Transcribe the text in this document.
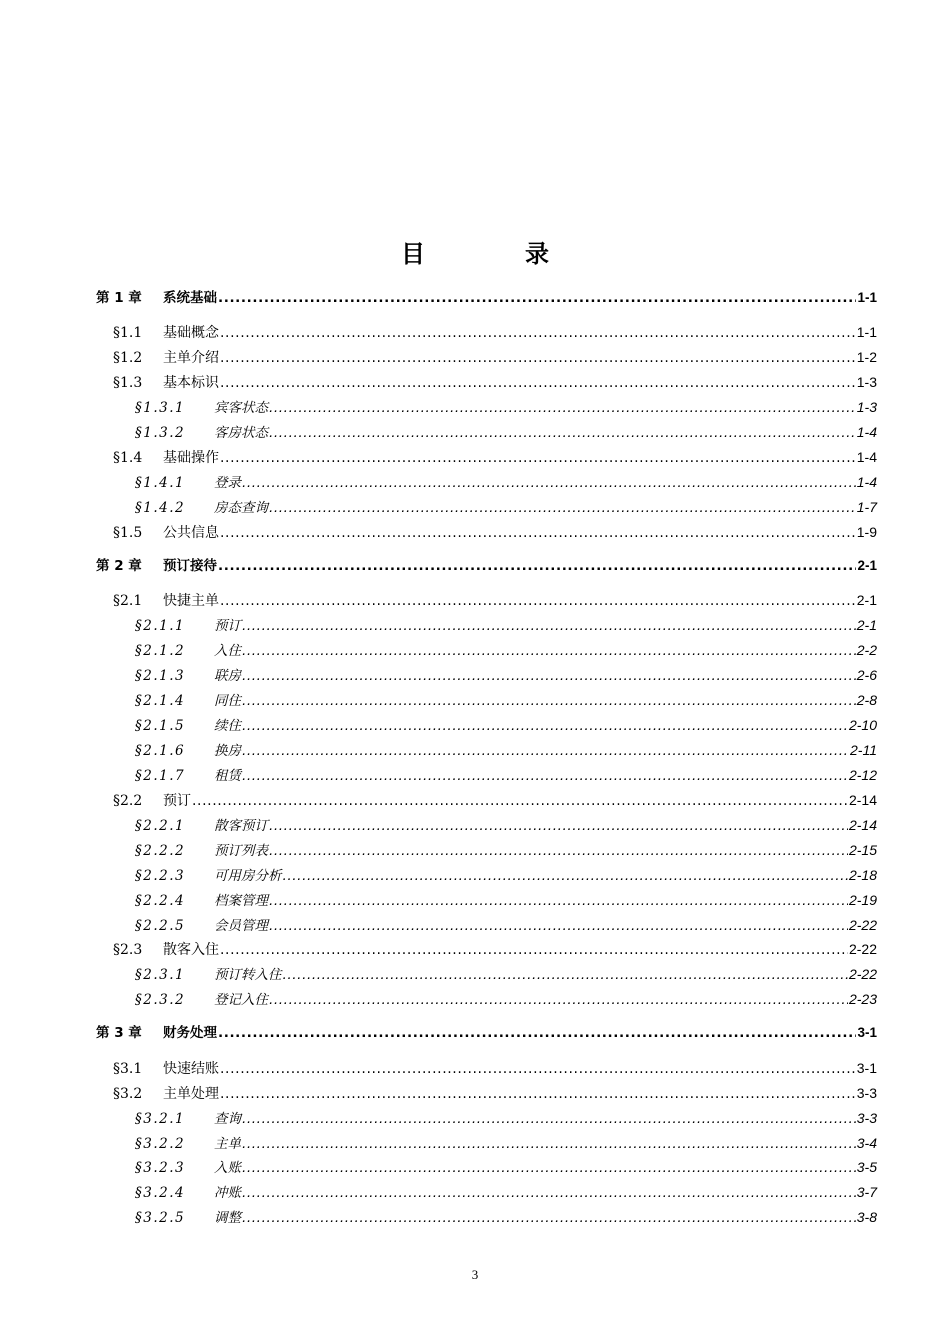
目　录
第 1 章	系统基础 .....	1-1
§1.1	基础概念 .....	1-1
§1.2	主单介绍 .....	1-2
§1.3	基本标识 .....	1-3
§1.3.1	宾客状态 .....	1-3
§1.3.2	客房状态 .....	1-4
§1.4	基础操作 .....	1-4
§1.4.1	登录 .....	1-4
§1.4.2	房态查询 .....	1-7
§1.5	公共信息 .....	1-9
第 2 章	预订接待 .....	2-1
§2.1	快捷主单 .....	2-1
§2.1.1	预订 .....	2-1
§2.1.2	入住 .....	2-2
§2.1.3	联房 .....	2-6
§2.1.4	同住 .....	2-8
§2.1.5	续住 .....	2-10
§2.1.6	换房 .....	2-11
§2.1.7	租赁 .....	2-12
§2.2	预订 .....	2-14
§2.2.1	散客预订 .....	2-14
§2.2.2	预订列表 .....	2-15
§2.2.3	可用房分析 .....	2-18
§2.2.4	档案管理 .....	2-19
§2.2.5	会员管理 .....	2-22
§2.3	散客入住 .....	2-22
§2.3.1	预订转入住 .....	2-22
§2.3.2	登记入住 .....	2-23
第 3 章	财务处理 .....	3-1
§3.1	快速结账 .....	3-1
§3.2	主单处理 .....	3-3
§3.2.1	查询 .....	3-3
§3.2.2	主单 .....	3-4
§3.2.3	入账 .....	3-5
§3.2.4	冲账 .....	3-7
§3.2.5	调整 .....	3-8
3
